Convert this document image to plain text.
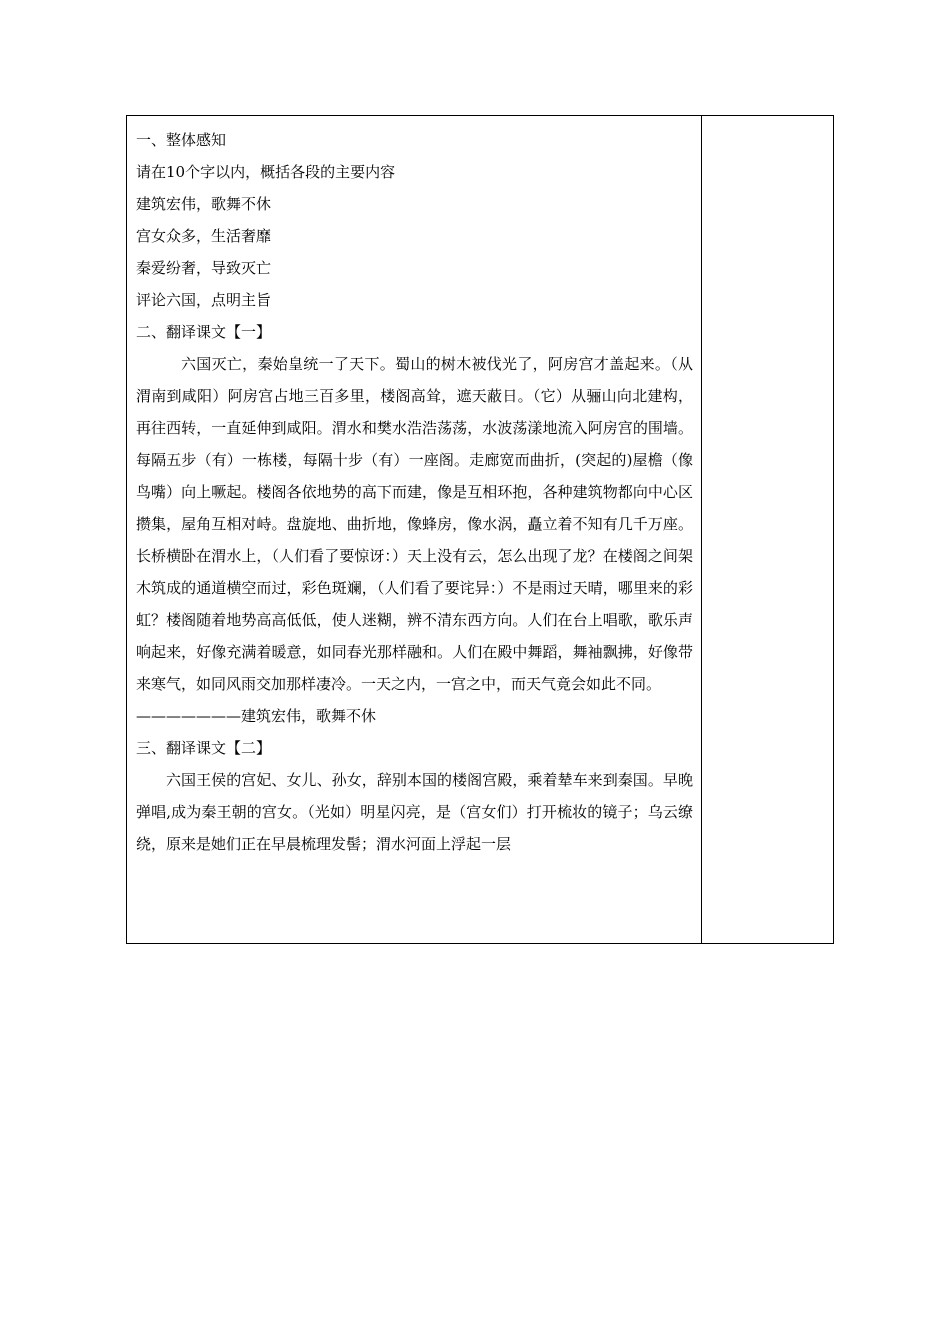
一、整体感知

请在10个字以内，概括各段的主要内容

建筑宏伟，歌舞不休

宫女众多，生活奢靡

秦爱纷奢，导致灭亡

评论六国，点明主旨

二、翻译课文【一】

六国灭亡，秦始皇统一了天下。蜀山的树木被伐光了，阿房宫才盖起来。（从渭南到咸阳）阿房宫占地三百多里，楼阁高耸，遮天蔽日。（它）从骊山向北建构，再往西转，一直延伸到咸阳。渭水和樊水浩浩荡荡，水波荡漾地流入阿房宫的围墙。每隔五步（有）一栋楼，每隔十步（有）一座阁。走廊宽而曲折，(突起的)屋檐（像鸟嘴）向上噘起。楼阁各依地势的高下而建，像是互相环抱，各种建筑物都向中心区攒集，屋角互相对峙。盘旋地、曲折地，像蜂房，像水涡，矗立着不知有几千万座。长桥横卧在渭水上，（人们看了要惊讶：）天上没有云，怎么出现了龙？在楼阁之间架木筑成的通道横空而过，彩色斑斓，（人们看了要诧异：）不是雨过天晴，哪里来的彩虹？楼阁随着地势高高低低，使人迷糊，辨不清东西方向。人们在台上唱歌，歌乐声响起来，好像充满着暖意，如同春光那样融和。人们在殿中舞蹈，舞袖飘拂，好像带来寒气，如同风雨交加那样凄冷。一天之内，一宫之中，而天气竟会如此不同。

———————建筑宏伟，歌舞不休

三、翻译课文【二】

六国王侯的宫妃、女儿、孙女，辞别本国的楼阁宫殿，乘着辇车来到秦国。早晚弹唱,成为秦王朝的宫女。（光如）明星闪亮，是（宫女们）打开梳妆的镜子；乌云缭绕，原来是她们正在早晨梳理发髻；渭水河面上浮起一层
